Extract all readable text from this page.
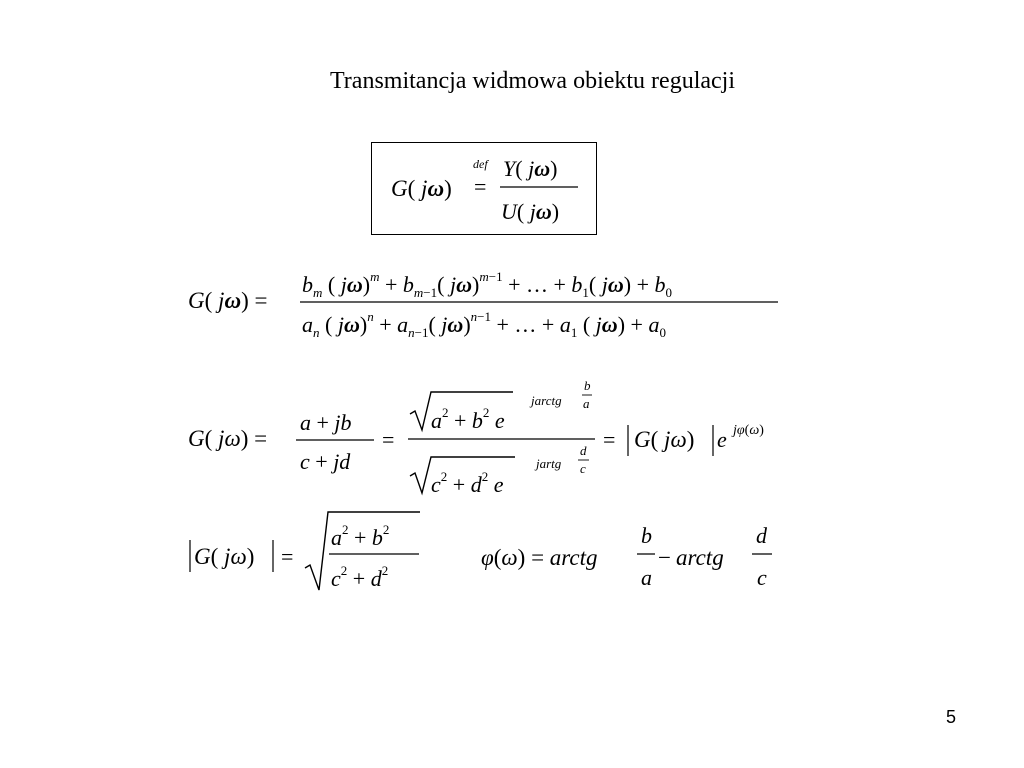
Transmitancja widmowa obiektu regulacji
G( jω)
def
=
Y( jω)
U( jω)
G( jω) =
$b_m$ ( $j\omega)^m + b_m-1$( jω)$^m$−1 + … + $b_1$( $j\omega) + b_0$
$a_n$ ( $j\omega)^n + a_n-1$( jω)$^n$−1 + … + $a_1$ ( $j\omega) + a_0$
G( jω) =
a + jb
c + jd
=
$a^2 + b^2$ e
jarctg
b
a
$c^2 + d^2$ e
jartg
d
c
= G( jω) e jφ(ω)
G( jω) =
$a^2 + b^2$
$c^2 + d^2$
φ(ω) = arctg
b
a
− arctg
d
c
5
